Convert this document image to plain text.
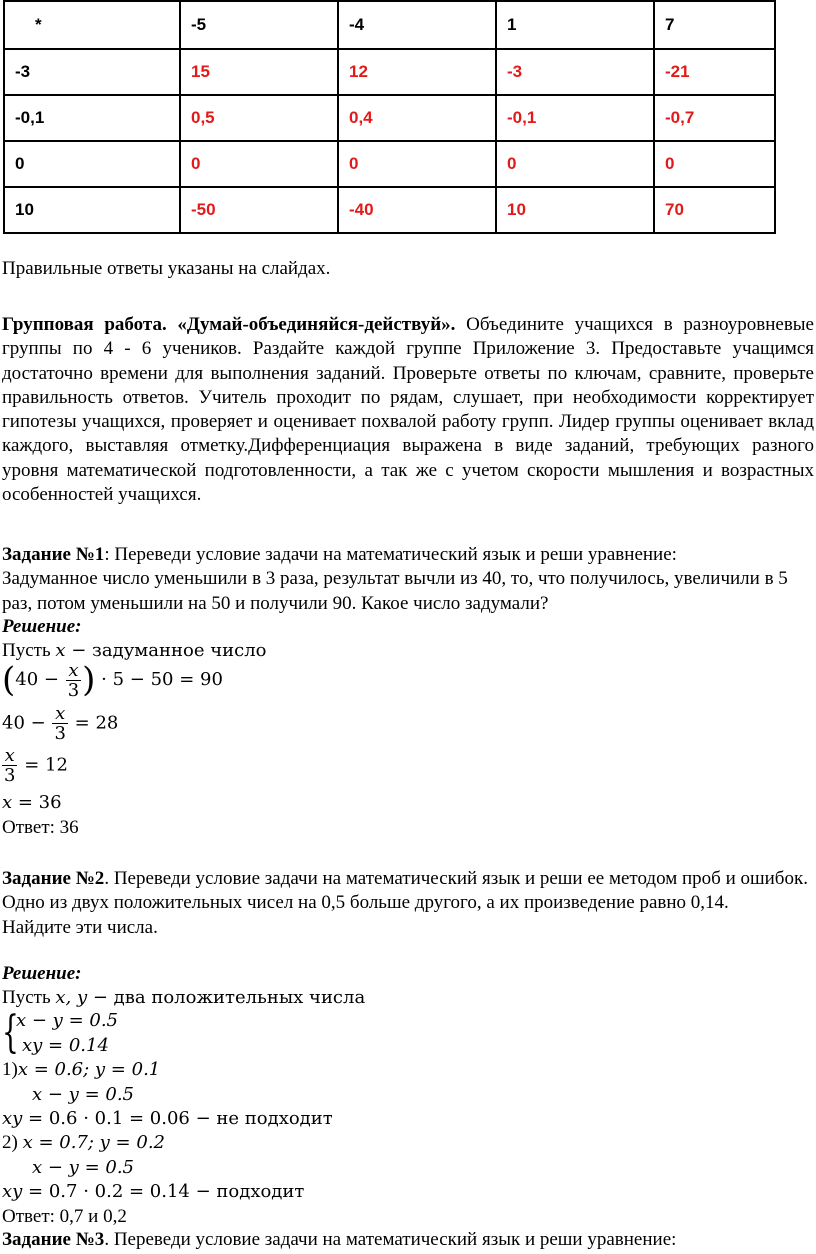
*	-5	-4	1	7
-3	15	12	-3	-21
-0,1	0,5	0,4	-0,1	-0,7
0	0	0	0	0
10	-50	-40	10	70
Правильные ответы указаны на слайдах.
Групповая работа. «Думай-объединяйся-действуй». Объедините учащихся в разноуровневые группы по 4 - 6 учеников. Раздайте каждой группе Приложение 3. Предоставьте учащимся достаточно времени для выполнения заданий. Проверьте ответы по ключам, сравните, проверьте правильность ответов. Учитель проходит по рядам, слушает, при необходимости корректирует гипотезы учащихся, проверяет и оценивает похвалой работу групп. Лидер группы оценивает вклад каждого, выставляя отметку.Дифференциация выражена в виде заданий, требующих разного уровня математической подготовленности, а так же с учетом скорости мышления и возрастных особенностей учащихся.
Задание №1: Переведи условие задачи на математический язык и реши уравнение:
Задуманное число уменьшили в 3 раза, результат вычли из 40, то, что получилось, увеличили в 5 раз, потом уменьшили на 50 и получили 90. Какое число задумали?
Решение:
Пусть x − задуманное число
($40 - \frac{x}{3}$ ) · 5 − 50 = 90
$40 - \frac{x}{3} = 28$
$\frac{x}{3} = 12$
x = 36
Ответ: 36
Задание №2. Переведи условие задачи на математический язык и реши ее методом проб и ошибок.
Одно из двух положительных чисел на 0,5 больше другого, а их произведение равно 0,14.
Найдите эти числа.
Решение:
Пусть x, y − два положительных числа
{
x − y = 0.5
xy = 0.14
1)x = 0.6; y = 0.1
x − y = 0.5
xy = 0.6 · 0.1 = 0.06 − не подходит
2) x = 0.7; y = 0.2
x − y = 0.5
xy = 0.7 · 0.2 = 0.14 − подходит
Ответ: 0,7 и 0,2
Задание №3. Переведи условие задачи на математический язык и реши уравнение:
